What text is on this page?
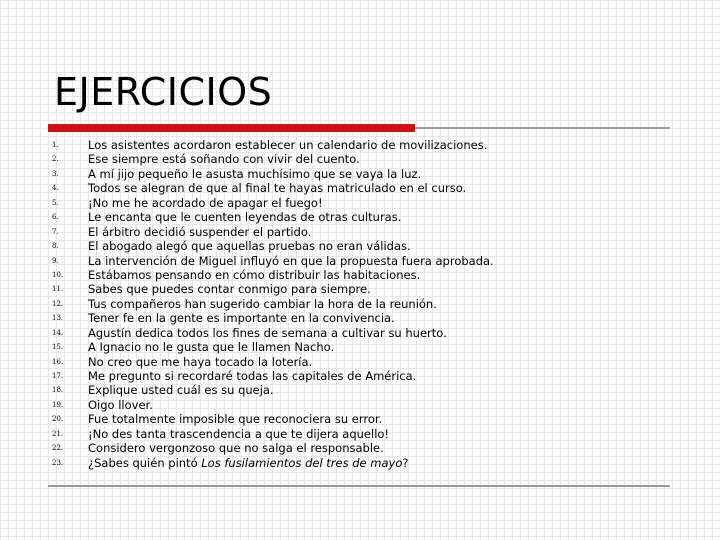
EJERCICIOS
1.	Los asistentes acordaron establecer un calendario de movilizaciones.
2.	Ese siempre está soñando con vivir del cuento.
3.	A mí jijo pequeño le asusta muchísimo que se vaya la luz.
4.	Todos se alegran de que al final te hayas matriculado en el curso.
5.	¡No me he acordado de apagar el fuego!
6.	Le encanta que le cuenten leyendas de otras culturas.
7.	El árbitro decidió suspender el partido.
8.	El abogado alegó que aquellas pruebas no eran válidas.
9.	La intervención de Miguel influyó en que la propuesta fuera aprobada.
10. Estábamos pensando en cómo distribuir las habitaciones.
11. Sabes que puedes contar conmigo para siempre.
12. Tus compañeros han sugerido cambiar la hora de la reunión.
13. Tener fe en la gente es importante en la convivencia.
14. Agustín dedica todos los fines de semana a cultivar su huerto.
15. A Ignacio no le gusta que le llamen Nacho.
16. No creo que me haya tocado la lotería.
17. Me pregunto si recordaré todas las capitales de América.
18. Explique usted cuál es su queja.
19. Oigo llover.
20. Fue totalmente imposible que reconociera su error.
21. ¡No des tanta trascendencia a que te dijera aquello!
22. Considero vergonzoso que no salga el responsable.
23. ¿Sabes quién pintó Los fusilamientos del tres de mayo?
